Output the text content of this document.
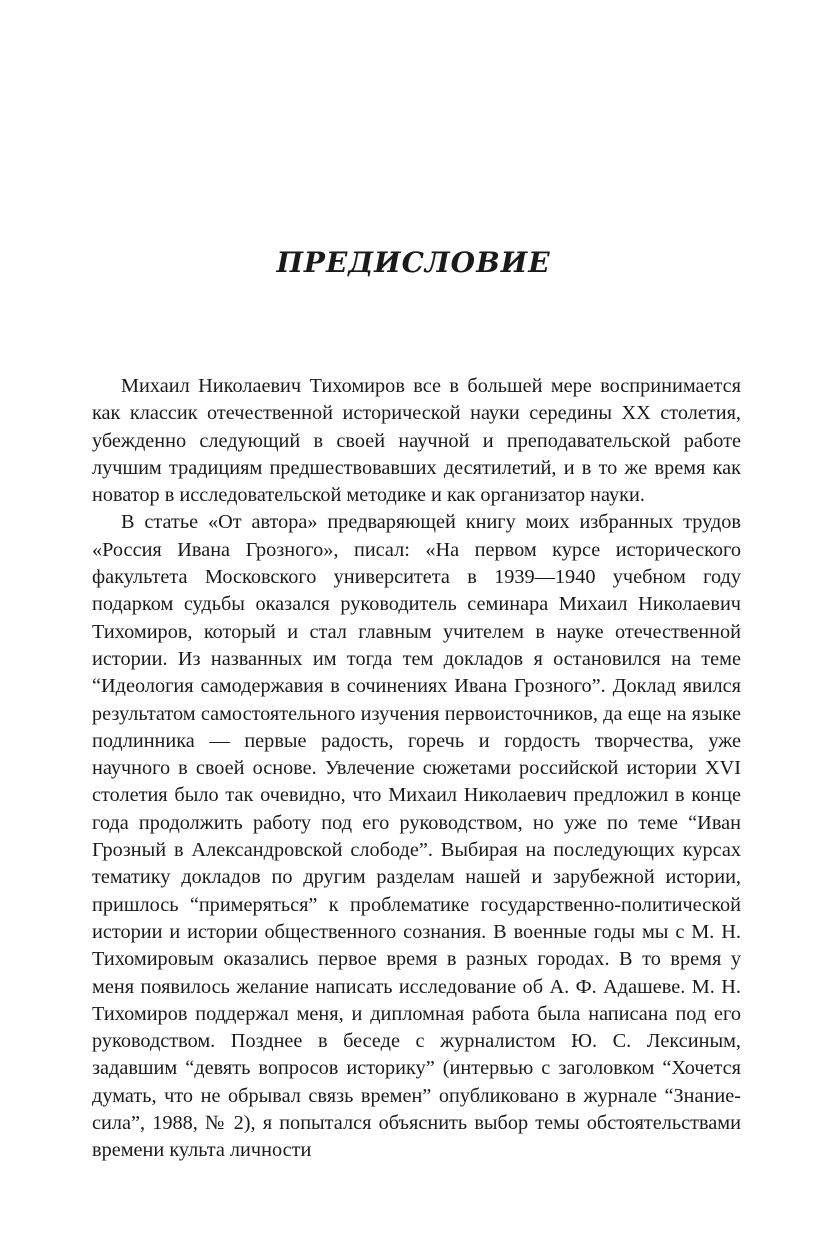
ПРЕДИСЛОВИЕ

Михаил Николаевич Тихомиров все в большей мере воспринимается как классик отечественной исторической науки середины XX столетия, убежденно следующий в своей научной и преподавательской работе лучшим традициям предшествовавших десятилетий, и в то же время как новатор в исследовательской методике и как организатор науки.

В статье «От автора» предваряющей книгу моих избранных трудов «Россия Ивана Грозного», писал: «На первом курсе исторического факультета Московского университета в 1939—1940 учебном году подарком судьбы оказался руководитель семинара Михаил Николаевич Тихомиров, который и стал главным учителем в науке отечественной истории. Из названных им тогда тем докладов я остановился на теме “Идеология самодержавия в сочинениях Ивана Грозного”. Доклад явился результатом самостоятельного изучения первоисточников, да еще на языке подлинника — первые радость, горечь и гордость творчества, уже научного в своей основе. Увлечение сюжетами российской истории XVI столетия было так очевидно, что Михаил Николаевич предложил в конце года продолжить работу под его руководством, но уже по теме “Иван Грозный в Александровской слободе”. Выбирая на последующих курсах тематику докладов по другим разделам нашей и зарубежной истории, пришлось “примеряться” к проблематике государственно-политической истории и истории общественного сознания. В военные годы мы с М. Н. Тихомировым оказались первое время в разных городах. В то время у меня появилось желание написать исследование об А. Ф. Адашеве. М. Н. Тихомиров поддержал меня, и дипломная работа была написана под его руководством. Позднее в беседе с журналистом Ю. С. Лексиным, задавшим “девять вопросов историку” (интервью с заголовком “Хочется думать, что не обрывал связь времен” опубликовано в журнале “Знание-сила”, 1988, № 2), я попытался объяснить выбор темы обстоятельствами времени культа личности
